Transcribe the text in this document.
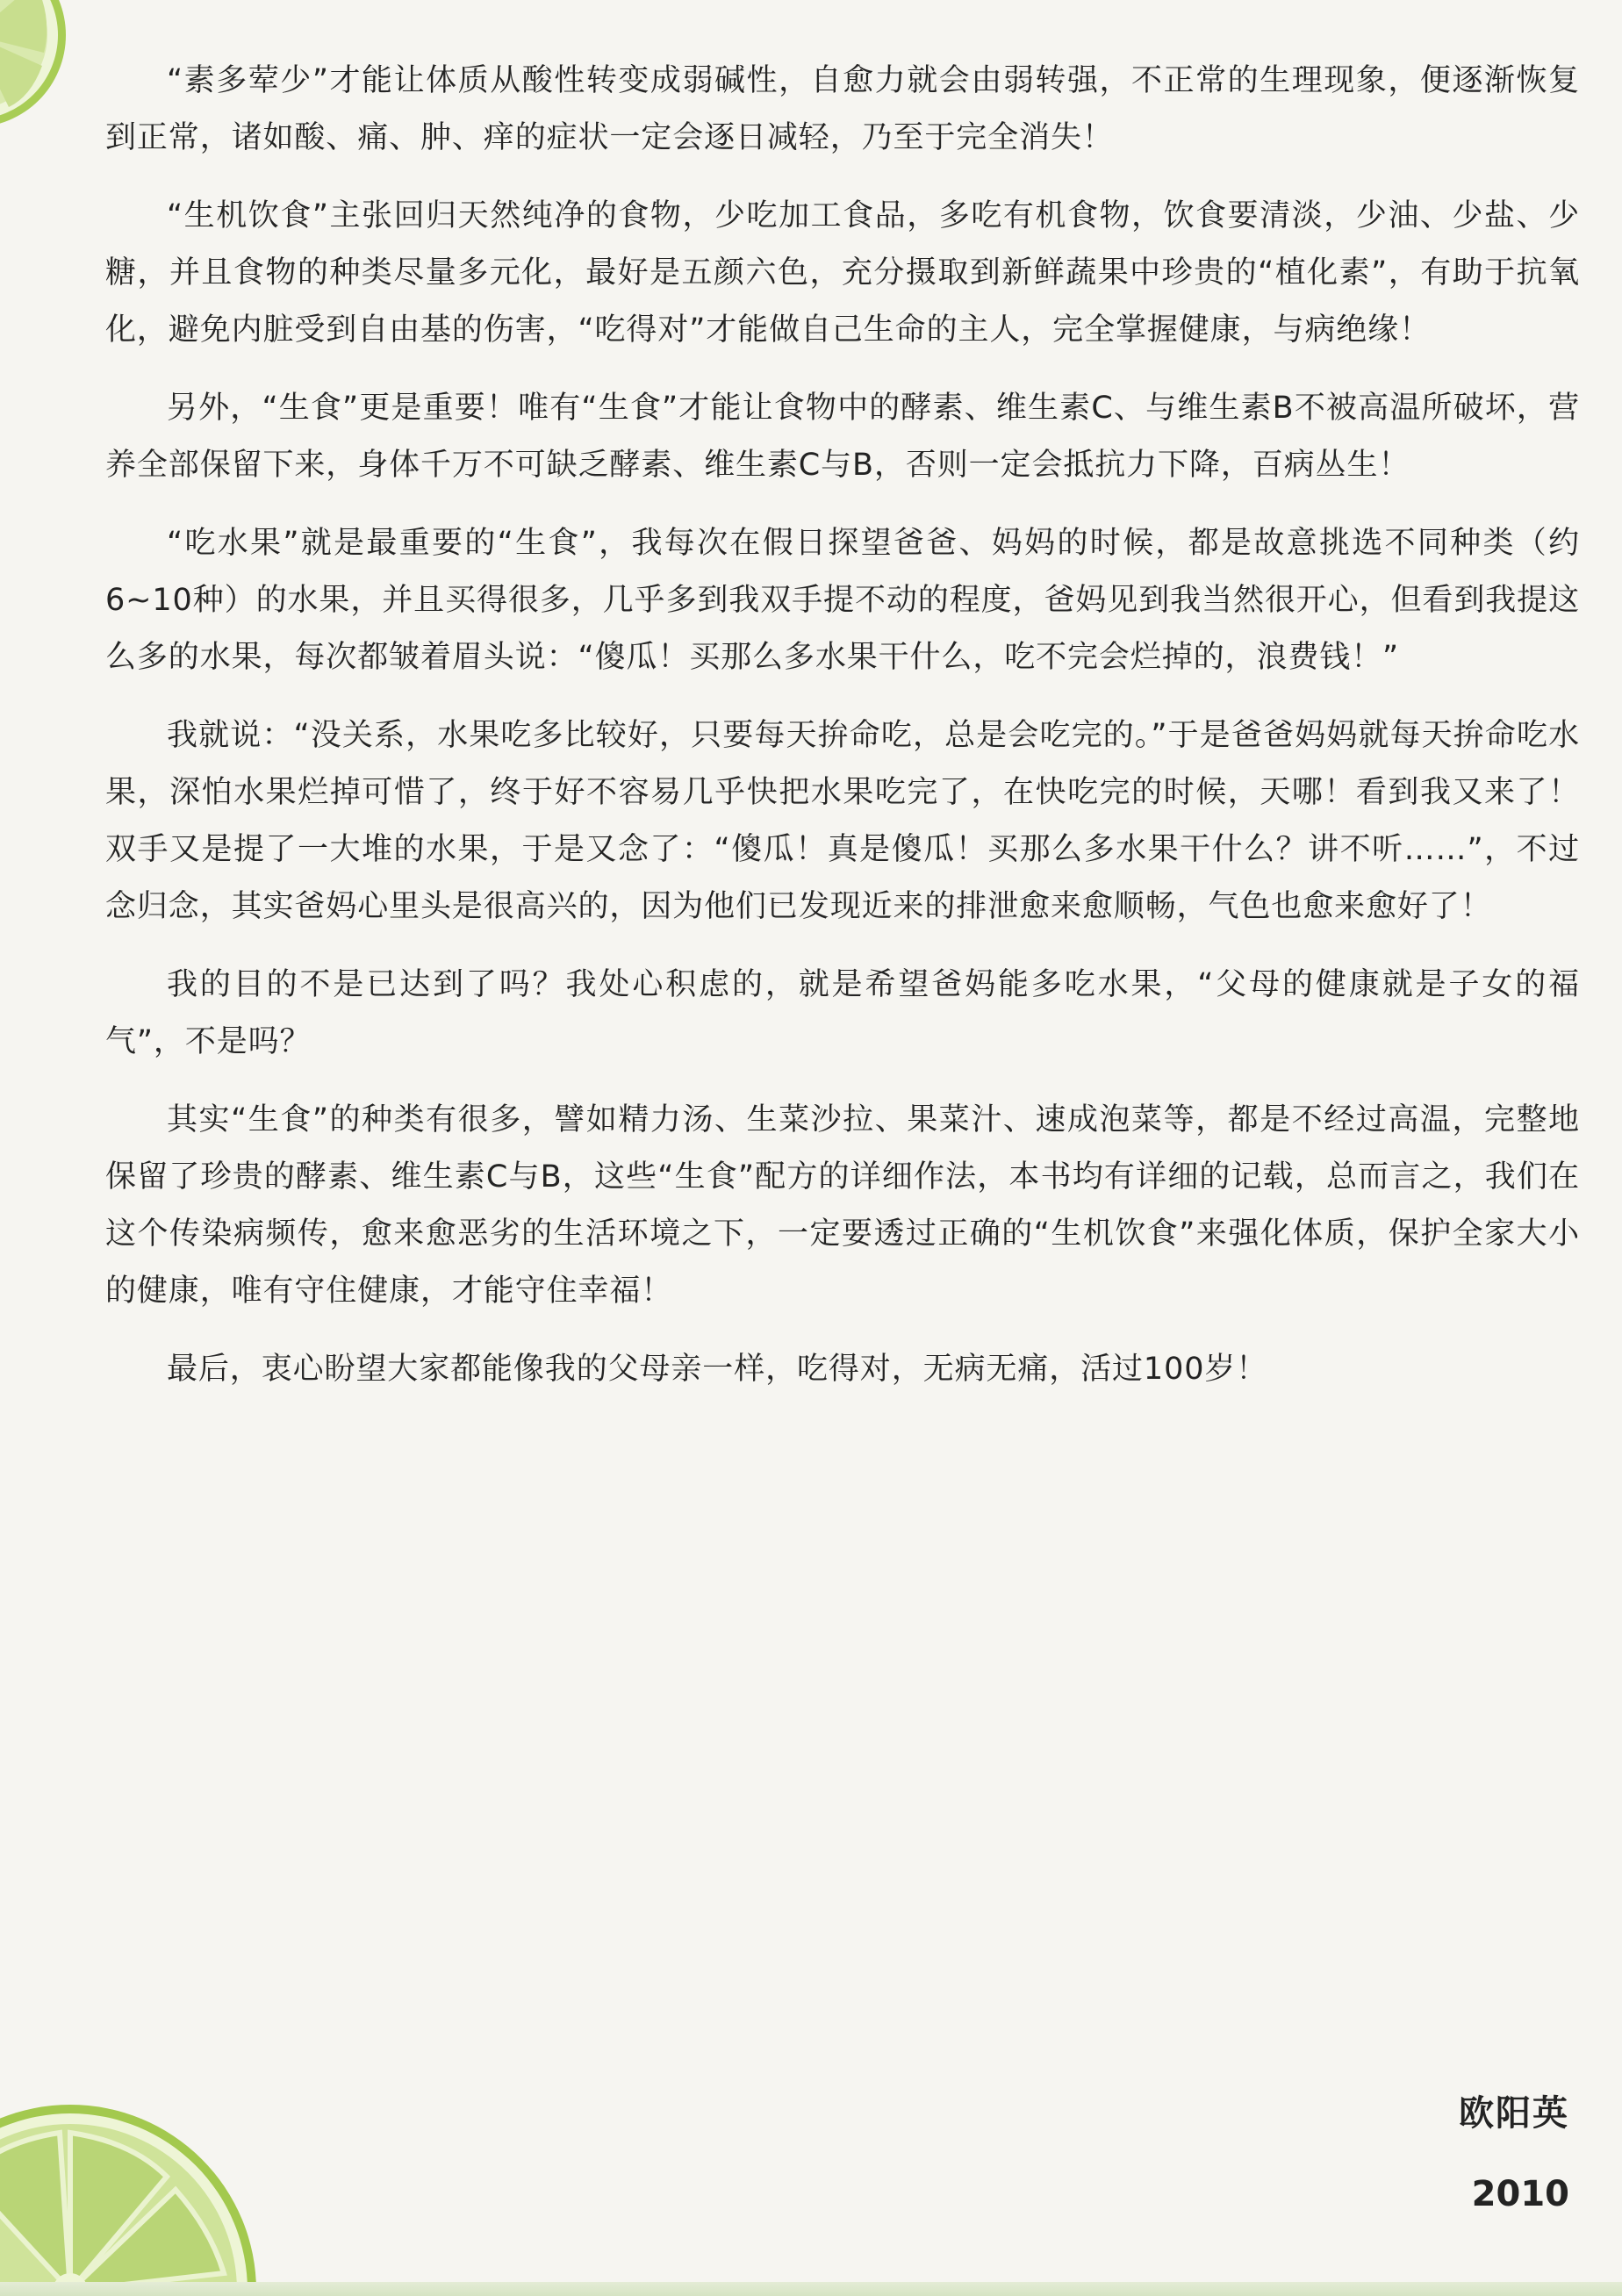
“素多荤少”才能让体质从酸性转变成弱碱性，自愈力就会由弱转强，不正常的生理现象，便逐渐恢复到正常，诸如酸、痛、肿、痒的症状一定会逐日减轻，乃至于完全消失！

“生机饮食”主张回归天然纯净的食物，少吃加工食品，多吃有机食物，饮食要清淡，少油、少盐、少糖，并且食物的种类尽量多元化，最好是五颜六色，充分摄取到新鲜蔬果中珍贵的“植化素”，有助于抗氧化，避免内脏受到自由基的伤害，“吃得对”才能做自己生命的主人，完全掌握健康，与病绝缘！

另外，“生食”更是重要！唯有“生食”才能让食物中的酵素、维生素C、与维生素B不被高温所破坏，营养全部保留下来，身体千万不可缺乏酵素、维生素C与B，否则一定会抵抗力下降，百病丛生！

“吃水果”就是最重要的“生食”，我每次在假日探望爸爸、妈妈的时候，都是故意挑选不同种类（约6~10种）的水果，并且买得很多，几乎多到我双手提不动的程度，爸妈见到我当然很开心，但看到我提这么多的水果，每次都皱着眉头说：“傻瓜！买那么多水果干什么，吃不完会烂掉的，浪费钱！”

我就说：“没关系，水果吃多比较好，只要每天拚命吃，总是会吃完的。”于是爸爸妈妈就每天拚命吃水果，深怕水果烂掉可惜了，终于好不容易几乎快把水果吃完了，在快吃完的时候，天哪！看到我又来了！双手又是提了一大堆的水果，于是又念了：“傻瓜！真是傻瓜！买那么多水果干什么？讲不听……”，不过念归念，其实爸妈心里头是很高兴的，因为他们已发现近来的排泄愈来愈顺畅，气色也愈来愈好了！

我的目的不是已达到了吗？我处心积虑的，就是希望爸妈能多吃水果，“父母的健康就是子女的福气”，不是吗？

其实“生食”的种类有很多，譬如精力汤、生菜沙拉、果菜汁、速成泡菜等，都是不经过高温，完整地保留了珍贵的酵素、维生素C与B，这些“生食”配方的详细作法，本书均有详细的记载，总而言之，我们在这个传染病频传，愈来愈恶劣的生活环境之下，一定要透过正确的“生机饮食”来强化体质，保护全家大小的健康，唯有守住健康，才能守住幸福！

最后，衷心盼望大家都能像我的父母亲一样，吃得对，无病无痛，活过100岁！

欧阳英
2010
